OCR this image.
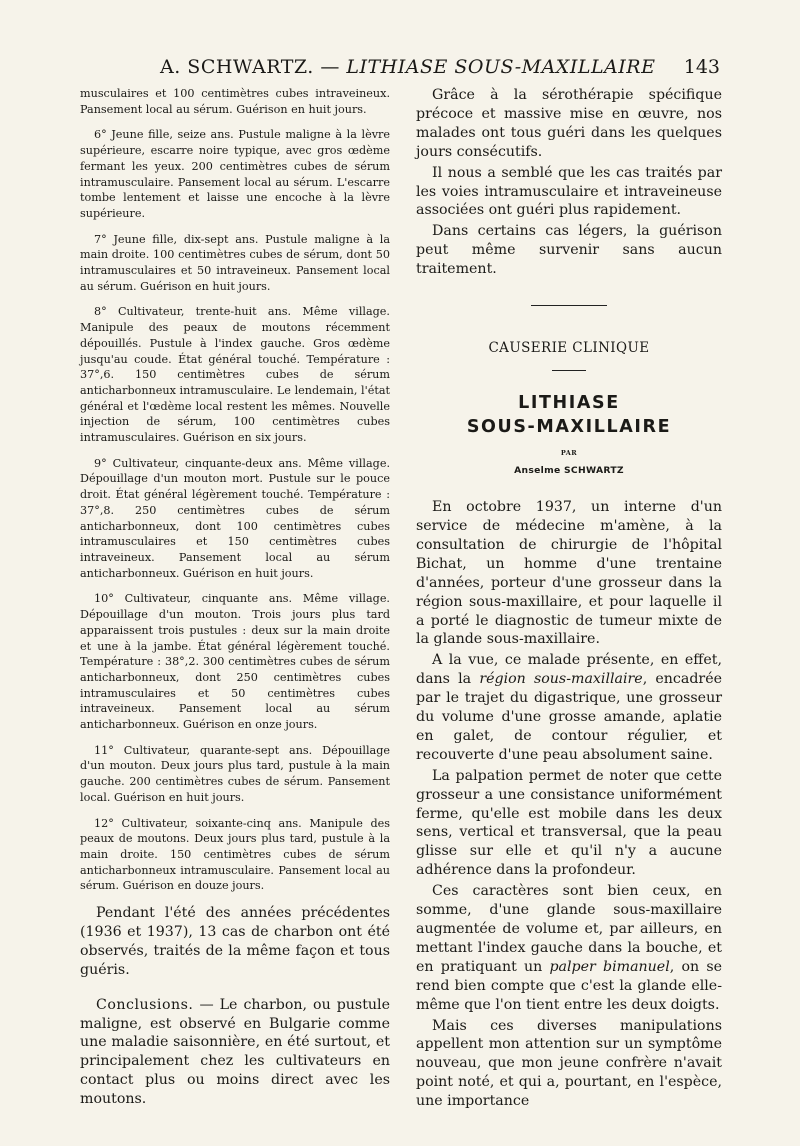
A. SCHWARTZ. — LITHIASE SOUS-MAXILLAIRE 143

musculaires et 100 centimètres cubes intraveineux. Pansement local au sérum. Guérison en huit jours.

6° Jeune fille, seize ans. Pustule maligne à la lèvre supérieure, escarre noire typique, avec gros œdème fermant les yeux. 200 centimètres cubes de sérum intramusculaire. Pansement local au sérum. L'escarre tombe lentement et laisse une encoche à la lèvre supérieure.

7° Jeune fille, dix-sept ans. Pustule maligne à la main droite. 100 centimètres cubes de sérum, dont 50 intramusculaires et 50 intraveineux. Pansement local au sérum. Guérison en huit jours.

8° Cultivateur, trente-huit ans. Même village. Manipule des peaux de moutons récemment dépouillés. Pustule à l'index gauche. Gros œdème jusqu'au coude. État général touché. Température : 37°,6. 150 centimètres cubes de sérum anticharbonneux intramusculaire. Le lendemain, l'état général et l'œdème local restent les mêmes. Nouvelle injection de sérum, 100 centimètres cubes intramusculaires. Guérison en six jours.

9° Cultivateur, cinquante-deux ans. Même village. Dépouillage d'un mouton mort. Pustule sur le pouce droit. État général légèrement touché. Température : 37°,8. 250 centimètres cubes de sérum anticharbonneux, dont 100 centimètres cubes intramusculaires et 150 centimètres cubes intraveineux. Pansement local au sérum anticharbonneux. Guérison en huit jours.

10° Cultivateur, cinquante ans. Même village. Dépouillage d'un mouton. Trois jours plus tard apparaissent trois pustules : deux sur la main droite et une à la jambe. État général légèrement touché. Température : 38°,2. 300 centimètres cubes de sérum anticharbonneux, dont 250 centimètres cubes intramusculaires et 50 centimètres cubes intraveineux. Pansement local au sérum anticharbonneux. Guérison en onze jours.

11° Cultivateur, quarante-sept ans. Dépouillage d'un mouton. Deux jours plus tard, pustule à la main gauche. 200 centimètres cubes de sérum. Pansement local. Guérison en huit jours.

12° Cultivateur, soixante-cinq ans. Manipule des peaux de moutons. Deux jours plus tard, pustule à la main droite. 150 centimètres cubes de sérum anticharbonneux intramusculaire. Pansement local au sérum. Guérison en douze jours.

Pendant l'été des années précédentes (1936 et 1937), 13 cas de charbon ont été observés, traités de la même façon et tous guéris.

Conclusions. — Le charbon, ou pustule maligne, est observé en Bulgarie comme une maladie saisonnière, en été surtout, et principalement chez les cultivateurs en contact plus ou moins direct avec les moutons.

Grâce à la sérothérapie spécifique précoce et massive mise en œuvre, nos malades ont tous guéri dans les quelques jours consécutifs.

Il nous a semblé que les cas traités par les voies intramusculaire et intraveineuse associées ont guéri plus rapidement.

Dans certains cas légers, la guérison peut même survenir sans aucun traitement.

CAUSERIE CLINIQUE
LITHIASE
SOUS-MAXILLAIRE
PAR
Anselme SCHWARTZ

En octobre 1937, un interne d'un service de médecine m'amène, à la consultation de chirurgie de l'hôpital Bichat, un homme d'une trentaine d'années, porteur d'une grosseur dans la région sous-maxillaire, et pour laquelle il a porté le diagnostic de tumeur mixte de la glande sous-maxillaire.

A la vue, ce malade présente, en effet, dans la région sous-maxillaire, encadrée par le trajet du digastrique, une grosseur du volume d'une grosse amande, aplatie en galet, de contour régulier, et recouverte d'une peau absolument saine.

La palpation permet de noter que cette grosseur a une consistance uniformément ferme, qu'elle est mobile dans les deux sens, vertical et transversal, que la peau glisse sur elle et qu'il n'y a aucune adhérence dans la profondeur.

Ces caractères sont bien ceux, en somme, d'une glande sous-maxillaire augmentée de volume et, par ailleurs, en mettant l'index gauche dans la bouche, et en pratiquant un palper bimanuel, on se rend bien compte que c'est la glande elle-même que l'on tient entre les deux doigts.

Mais ces diverses manipulations appellent mon attention sur un symptôme nouveau, que mon jeune confrère n'avait point noté, et qui a, pourtant, en l'espèce, une importance
